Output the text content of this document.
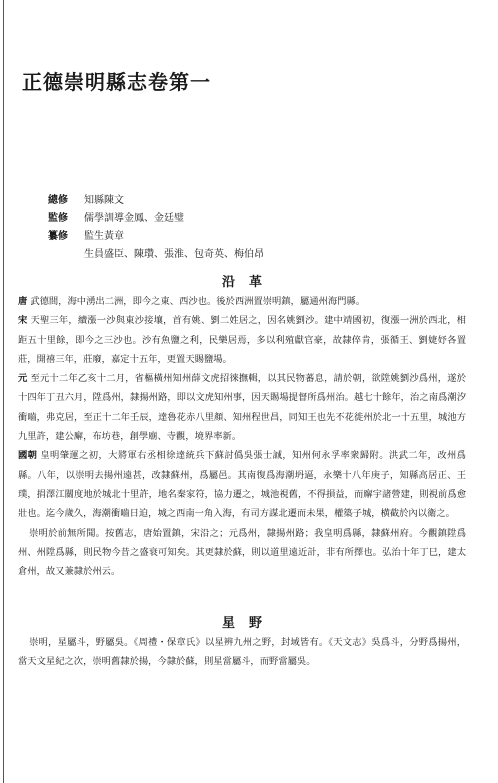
正德崇明縣志卷第一
總修	知縣陳文
監修	儒學訓導金鳳、金廷璧
纂修	監生黃章
生員盛臣、陳瓚、張淮、包奇英、梅伯昂
沿革

唐 武德間，海中湧出二洲，即今之東、西沙也。後於西洲置崇明鎮，屬通州海門縣。

宋 天聖三年，續漲一沙與東沙接壤，首有姚、劉二姓居之，因名姚劉沙。建中靖國初，復漲一洲於西北，相距五十里餘，即今之三沙也。沙有魚鹽之利，民樂居焉，多以利殖獻官豪，故隸倅肯，張循王、劉婕妤各置莊，開禧三年，莊廢，嘉定十五年，更置天賜鹽場。

元 至元十二年乙亥十二月，省樞橫州知州薛文虎招徠撫輯，以其民物蕃息，請於朝，欲陞姚劉沙爲州，遂於十四年丁丑六月，陞爲州，隸揚州路，即以文虎知州事，因天賜場提督所爲州治。越七十餘年，治之南爲潮汐衝嚙，弗克居，至正十二年壬辰，達魯花赤八里顏、知州程世昌，同知王也先不花徙州於北一十五里，城池方九里許，建公廨，布坊巷，創學廟、寺觀，境界率新。

國朝 皇明肇運之初，大將軍右丞相徐達統兵下蘇討僞吳張士誠，知州何永孚率衆歸附。洪武二年，改州爲縣。八年，以崇明去揚州遠甚，改隸蘇州，爲屬邑。其南復爲海潮坍逼，永樂十八年庚子，知縣高居正、王璞，捐澤江關度地於城北十里許，地名秦家符，協力遷之，城池視舊，不得損益，而廨宇諸營建，則視前爲愈壯也。迄今歲久，海潮衝嚙日迫，城之西南一角入海，有司方謀北遷而未果，權築子城，横截於內以衛之。

崇明於前無所聞。按舊志，唐始置鎮，宋沿之；元爲州，隸揚州路；我皇明爲縣，隸蘇州府。今觀鎮陞爲州、州陞爲縣，則民物今昔之盛衰可知矣。其更隸於蘇，則以道里遠近計，非有所擇也。弘治十年丁巳，建太倉州，故又兼隸於州云。

星野

崇明，星屬斗，野屬吳。《周禮・保章氏》以星辨九州之野，封域皆有。《天文志》吳爲斗，分野爲揚州，當天文星紀之次，崇明舊隸於揚，今隸於蘇，則星當屬斗，而野當屬吳。
